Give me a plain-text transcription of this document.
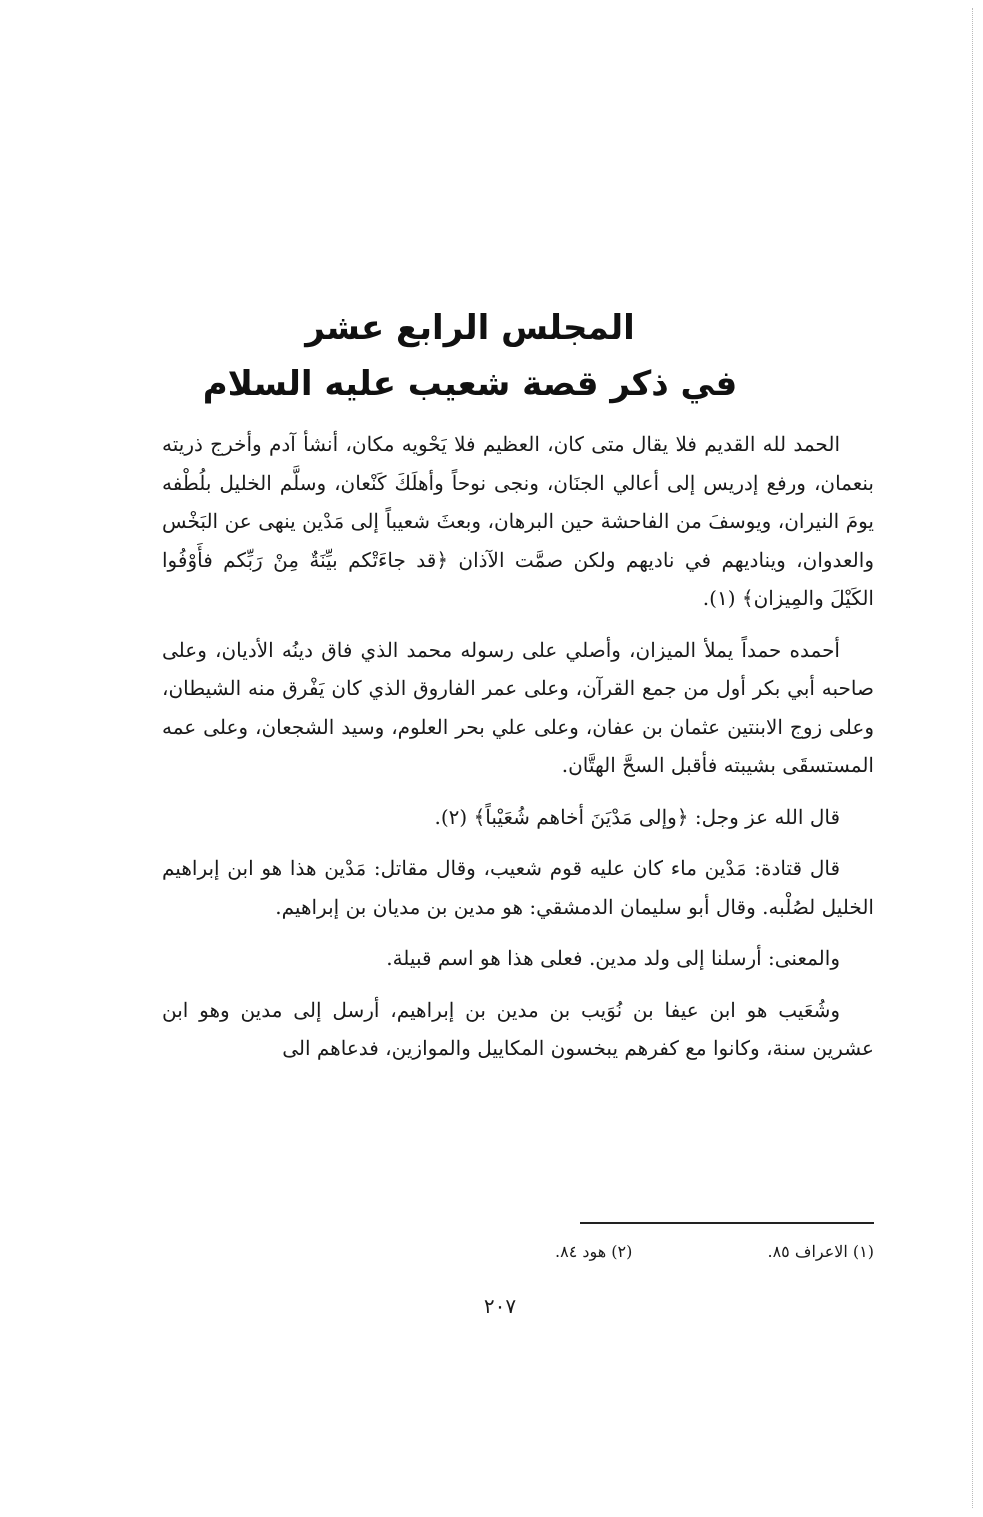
المجلس الرابع عشر
في ذكر قصة شعيب عليه السلام

الحمد لله القديم فلا يقال متى كان، العظيم فلا يَحْويه مكان، أنشأ آدم وأخرج ذريته بنعمان، ورفع إدريس إلى أعالي الجنَان، ونجى نوحاً وأهلَكَ كَنْعان، وسلَّم الخليل بلُطْفه يومَ النيران، ويوسفَ من الفاحشة حين البرهان، وبعثَ شعيباً إلى مَدْين ينهى عن البَخْس والعدوان، ويناديهم في ناديهم ولكن صمَّت الآذان ﴿قد جاءَتْكم بيِّنَةٌ مِنْ رَبِّكم فأَوْفُوا الكَيْلَ والمِيزان﴾ (١).

أحمده حمداً يملأ الميزان، وأصلي على رسوله محمد الذي فاق دينُه الأديان، وعلى صاحبه أبي بكر أول من جمع القرآن، وعلى عمر الفاروق الذي كان يَفْرق منه الشيطان، وعلى زوج الابنتين عثمان بن عفان، وعلى علي بحر العلوم، وسيد الشجعان، وعلى عمه المستسقَى بشيبته فأقبل السحَّ الهتَّان.

قال الله عز وجل: ﴿وإلى مَدْيَنَ أخاهم شُعَيْباً﴾ (٢).

قال قتادة: مَدْين ماء كان عليه قوم شعيب، وقال مقاتل: مَدْين هذا هو ابن إبراهيم الخليل لصُلْبه. وقال أبو سليمان الدمشقي: هو مدين بن مديان بن إبراهيم.

والمعنى: أرسلنا إلى ولد مدين. فعلى هذا هو اسم قبيلة.

وشُعَيب هو ابن عيفا بن نُوَيب بن مدين بن إبراهيم، أرسل إلى مدين وهو ابن عشرين سنة، وكانوا مع كفرهم يبخسون المكاييل والموازين، فدعاهم الى

(١) الاعراف ٨٥. (٢) هود ٨٤.
٢٠٧
